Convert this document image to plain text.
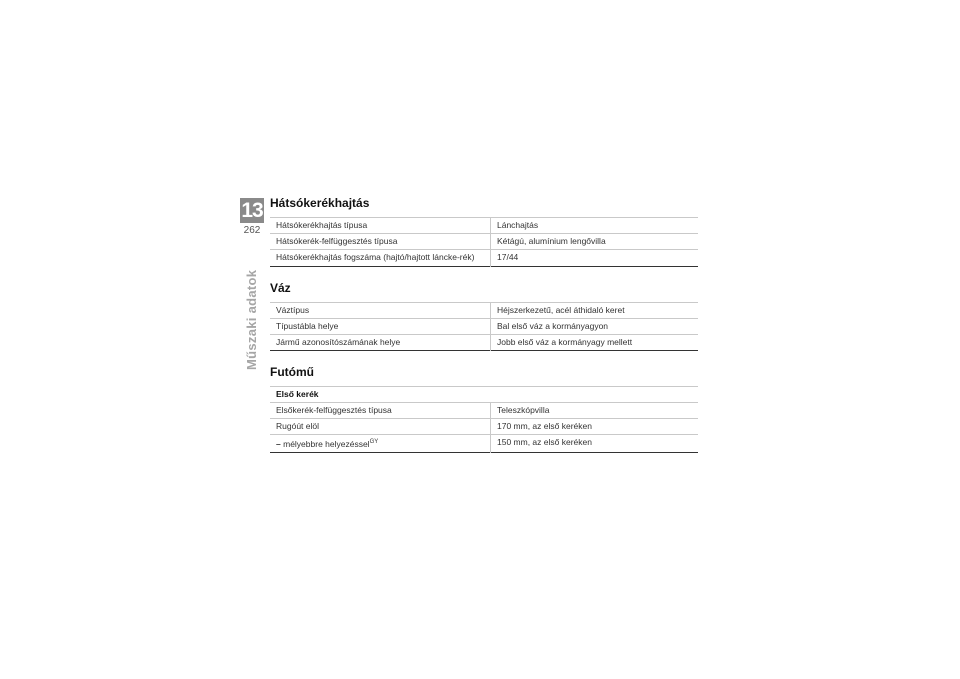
13
262
Műszaki adatok
Hátsókerékhajtás
Hátsókerékhajtás típusa	Lánchajtás
Hátsókerék-felfüggesztés típusa	Kétágú, alumínium lengővilla
Hátsókerékhajtás fogszáma (hajtó/hajtott láncke-rék)	17/44
Váz
Váztípus	Héjszerkezetű, acél áthidaló keret
Típustábla helye	Bal első váz a kormányagyon
Jármű azonosítószámának helye	Jobb első váz a kormányagy mellett
Futómű
Első kerék	
Elsőkerék-felfüggesztés típusa	Teleszkópvilla
Rugóút elöl	170 mm, az első keréken
– mélyebbre helyezéssel$^{GY}$	150 mm, az első keréken
